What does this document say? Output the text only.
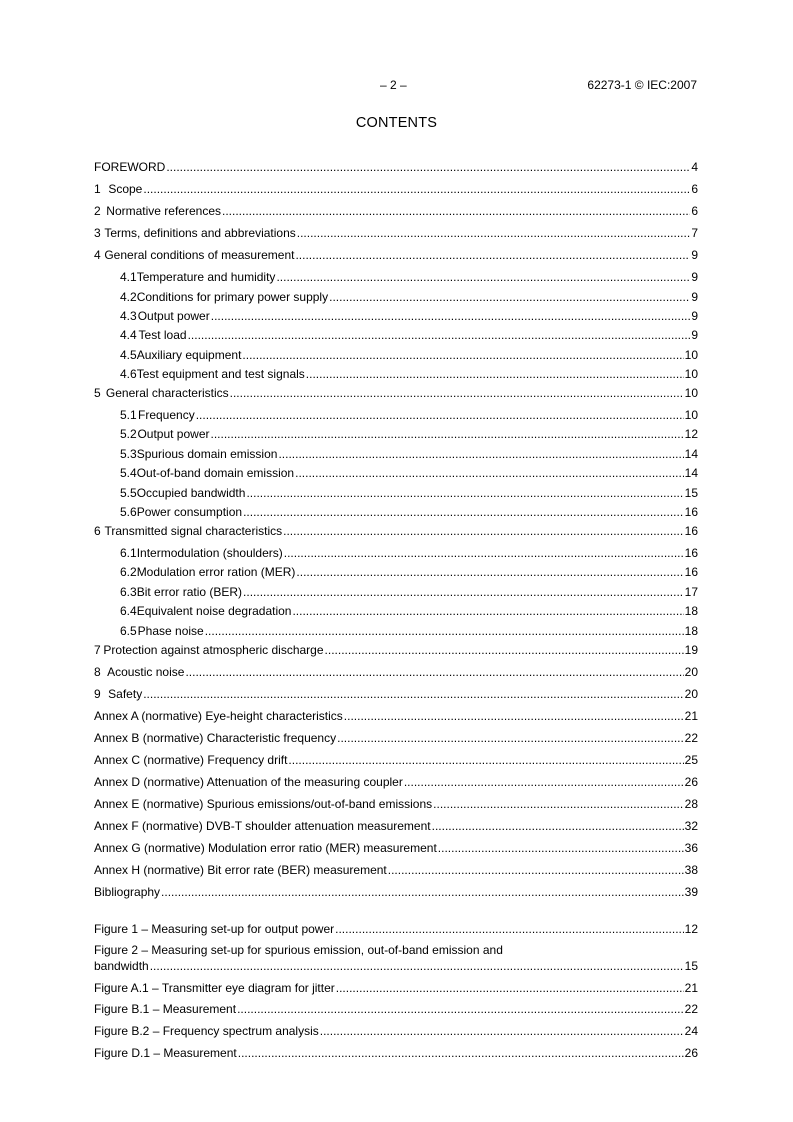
– 2 –	62273-1 © IEC:2007
CONTENTS
FOREWORD .....	4
1 Scope .....	6
2 Normative references .....	6
3 Terms, definitions and abbreviations .....	7
4 General conditions of measurement .....	9
4.1 Temperature and humidity .....	9
4.2 Conditions for primary power supply .....	9
4.3 Output power .....	9
4.4 Test load .....	9
4.5 Auxiliary equipment .....	10
4.6 Test equipment and test signals .....	10
5 General characteristics .....	10
5.1 Frequency .....	10
5.2 Output power .....	12
5.3 Spurious domain emission .....	14
5.4 Out-of-band domain emission .....	14
5.5 Occupied bandwidth .....	15
5.6 Power consumption .....	16
6 Transmitted signal characteristics .....	16
6.1 Intermodulation (shoulders) .....	16
6.2 Modulation error ration (MER) .....	16
6.3 Bit error ratio (BER) .....	17
6.4 Equivalent noise degradation .....	18
6.5 Phase noise .....	18
7 Protection against atmospheric discharge .....	19
8 Acoustic noise .....	20
9 Safety .....	20
Annex A (normative) Eye-height characteristics .....	21
Annex B (normative) Characteristic frequency .....	22
Annex C (normative) Frequency drift .....	25
Annex D (normative) Attenuation of the measuring coupler .....	26
Annex E (normative) Spurious emissions/out-of-band emissions .....	28
Annex F (normative) DVB-T shoulder attenuation measurement .....	32
Annex G (normative) Modulation error ratio (MER) measurement .....	36
Annex H (normative) Bit error rate (BER) measurement .....	38
Bibliography .....	39
Figure 1 – Measuring set-up for output power .....	12
Figure 2 – Measuring set-up for spurious emission, out-of-band emission and
bandwidth .....	15
Figure A.1 – Transmitter eye diagram for jitter .....	21
Figure B.1 – Measurement .....	22
Figure B.2 – Frequency spectrum analysis .....	24
Figure D.1 – Measurement .....	26
